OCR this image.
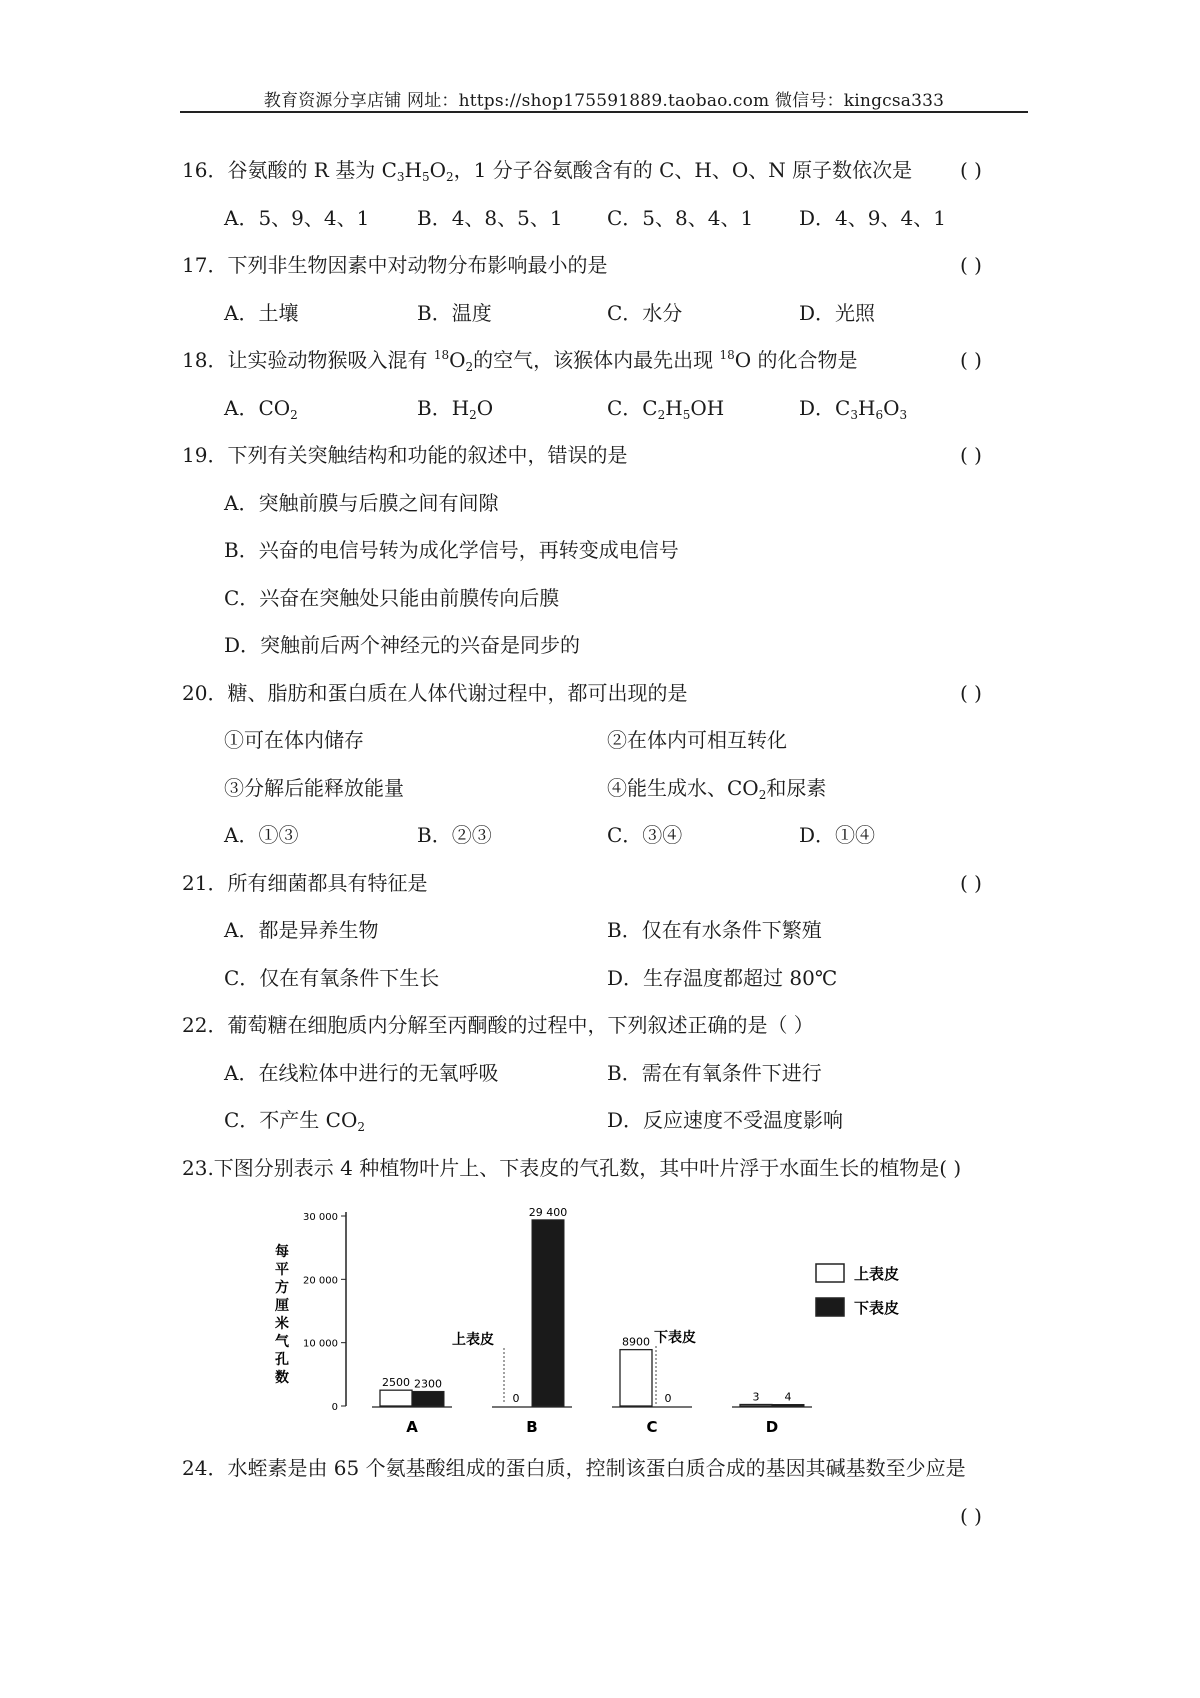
教育资源分享店铺 网址：https://shop175591889.taobao.com 微信号：kingcsa333
16．谷氨酸的 R 基为 $C_3H_5O_2$，1 分子谷氨酸含有的 C、H、O、N 原子数依次是 ( )
A．5、9、4、1 B．4、8、5、1 C．5、8、4、1 D．4、9、4、1
17．下列非生物因素中对动物分布影响最小的是	( )
A．土壤	B．温度	C．水分	D．光照
18．让实验动物猴吸入混有 $^{18}O_2$的空气，该猴体内最先出现 $^{18}$O 的化合物是	( )
A．$CO_2$	B．$H_2O$	C．$C_2H_5OH$	D．$C_3H_6O_3$
19．下列有关突触结构和功能的叙述中，错误的是	( )
A．突触前膜与后膜之间有间隙
B．兴奋的电信号转为成化学信号，再转变成电信号
C．兴奋在突触处只能由前膜传向后膜
D．突触前后两个神经元的兴奋是同步的
20．糖、脂肪和蛋白质在人体代谢过程中，都可出现的是	( )
①可在体内储存	②在体内可相互转化
③分解后能释放能量	④能生成水、$CO_2$和尿素
A．①③	B．②③	C．③④	D．①④
21．所有细菌都具有特征是	( )
A．都是异养生物	B．仅在有水条件下繁殖
C．仅在有氧条件下生长	D．生存温度都超过 80℃
22．葡萄糖在细胞质内分解至丙酮酸的过程中，下列叙述正确的是（ ）
A．在线粒体中进行的无氧呼吸	B．需在有氧条件下进行
C．不产生 $CO_2$	D．反应速度不受温度影响
23.下图分别表示 4 种植物叶片上、下表皮的气孔数，其中叶片浮于水面生长的植物是( )
0
10 000
20 000
30 000
每
平
方
厘
米
气
孔
数
A	B	C	D
2500 2300
0
29 400
8900
0	3 4
上表皮	下表皮
上表皮
下表皮
24．水蛭素是由 65 个氨基酸组成的蛋白质，控制该蛋白质合成的基因其碱基数至少应是
( )
